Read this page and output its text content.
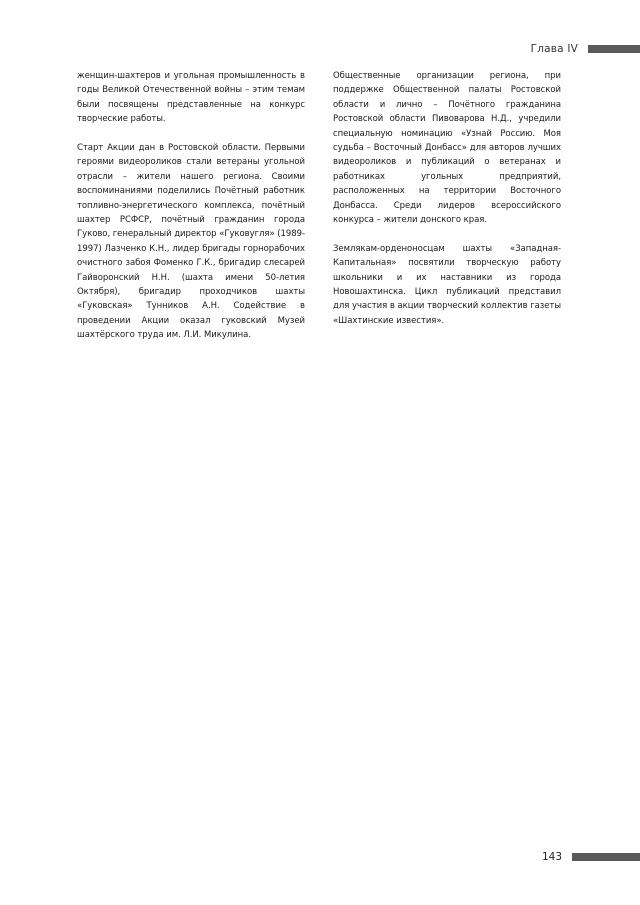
Глава IV

женщин-шахтеров и угольная промышленность в годы Великой Отечественной войны – этим темам были посвящены представленные на конкурс творческие работы.

Старт Акции дан в Ростовской области. Первыми героями видеороликов стали ветераны угольной отрасли – жители нашего региона. Своими воспоминаниями поделились Почётный работник топливно-энергетического комплекса, почётный шахтер РСФСР, почётный гражданин города Гуково, генеральный директор «Гуковугля» (1989-1997) Лазченко К.Н., лидер бригады горнорабочих очистного забоя Фоменко Г.К., бригадир слесарей Гайворонский Н.Н. (шахта имени 50-летия Октября), бригадир проходчиков шахты «Гуковская» Тунников А.Н. Содействие в проведении Акции оказал гуковский Музей шахтёрского труда им. Л.И. Микулина.

Общественные организации региона, при поддержке Общественной палаты Ростовской области и лично – Почётного гражданина Ростовской области Пивоварова Н.Д., учредили специальную номинацию «Узнай Россию. Моя судьба – Восточный Донбасс» для авторов лучших видеороликов и публикаций о ветеранах и работниках угольных предприятий, расположенных на территории Восточного Донбасса. Среди лидеров всероссийского конкурса – жители донского края.

Землякам-орденоносцам шахты «Западная-Капитальная» посвятили творческую работу школьники и их наставники из города Новошахтинска. Цикл публикаций представил для участия в акции творческий коллектив газеты «Шахтинские известия».

143
